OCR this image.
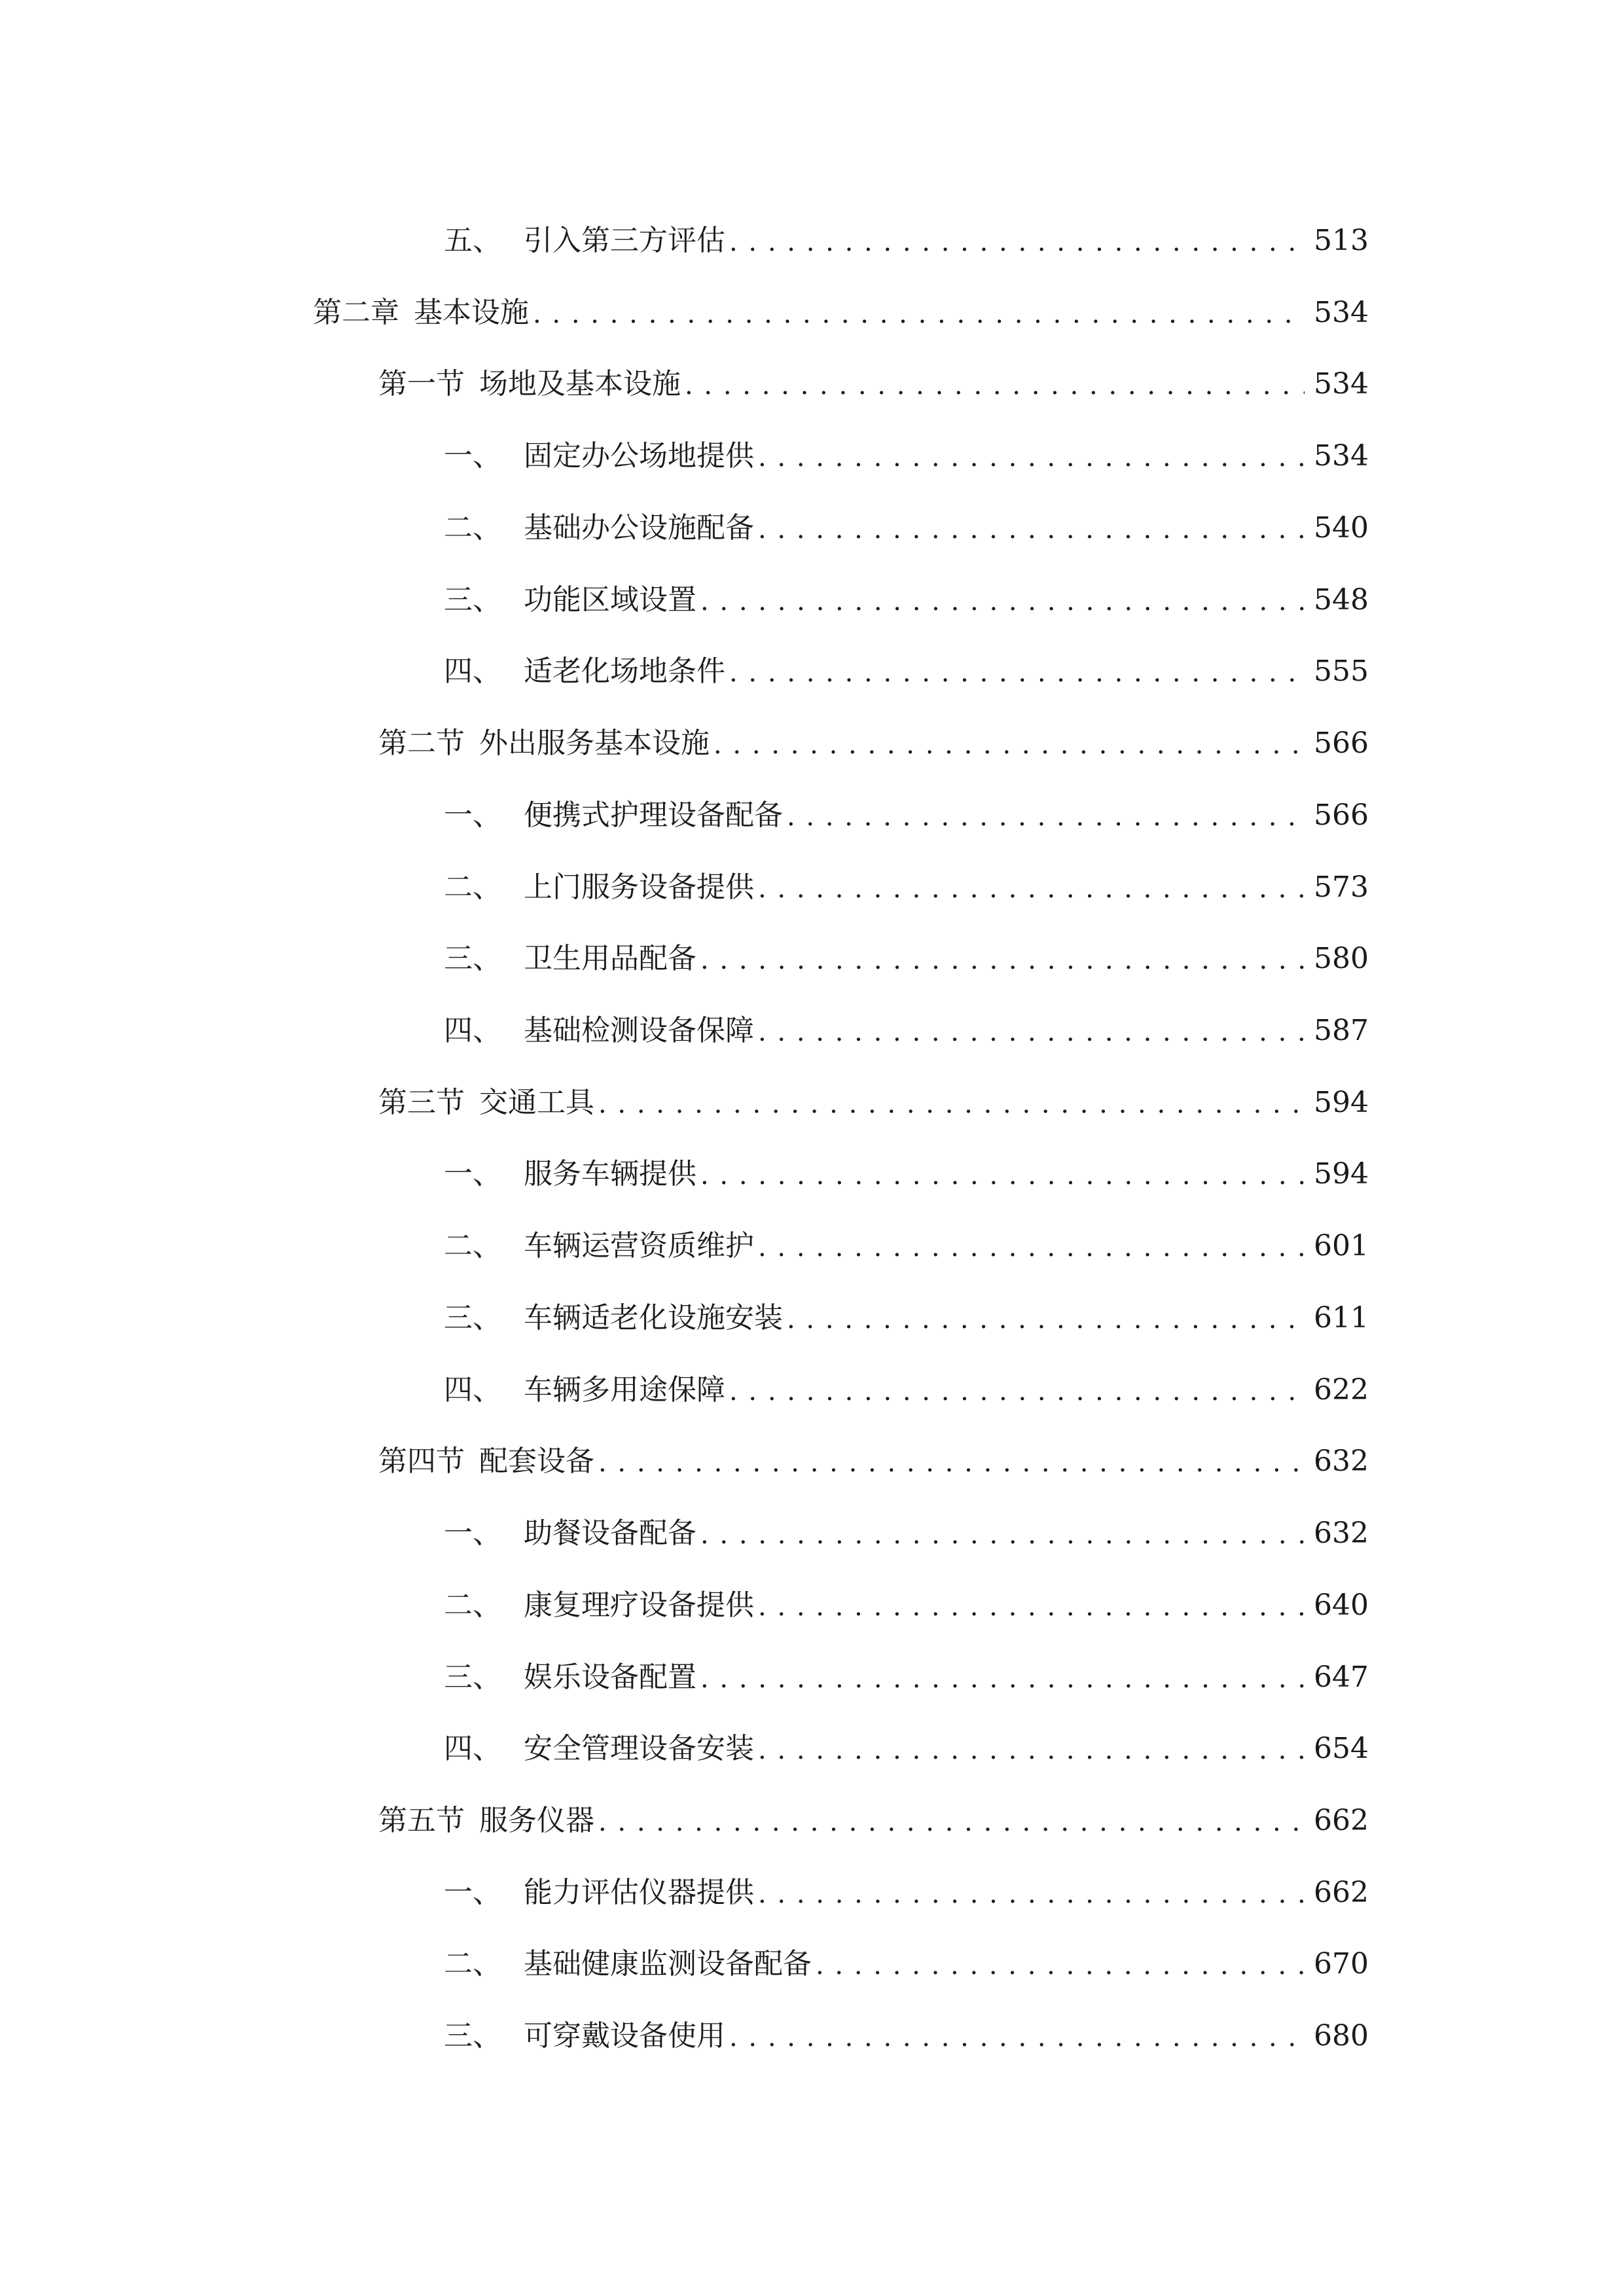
五、 引入第三方评估 . . .	513
第二章 基本设施 . . .	534
第一节 场地及基本设施 . . .	534
一、 固定办公场地提供 . . .	534
二、 基础办公设施配备 . . .	540
三、 功能区域设置 . . .	548
四、 适老化场地条件 . . .	555
第二节 外出服务基本设施 . . .	566
一、 便携式护理设备配备 . . .	566
二、 上门服务设备提供 . . .	573
三、 卫生用品配备 . . .	580
四、 基础检测设备保障 . . .	587
第三节 交通工具 . . .	594
一、 服务车辆提供 . . .	594
二、 车辆运营资质维护 . . .	601
三、 车辆适老化设施安装 . . .	611
四、 车辆多用途保障 . . .	622
第四节 配套设备 . . .	632
一、 助餐设备配备 . . .	632
二、 康复理疗设备提供 . . .	640
三、 娱乐设备配置 . . .	647
四、 安全管理设备安装 . . .	654
第五节 服务仪器 . . .	662
一、 能力评估仪器提供 . . .	662
二、 基础健康监测设备配备 . . .	670
三、 可穿戴设备使用 . . .	680
